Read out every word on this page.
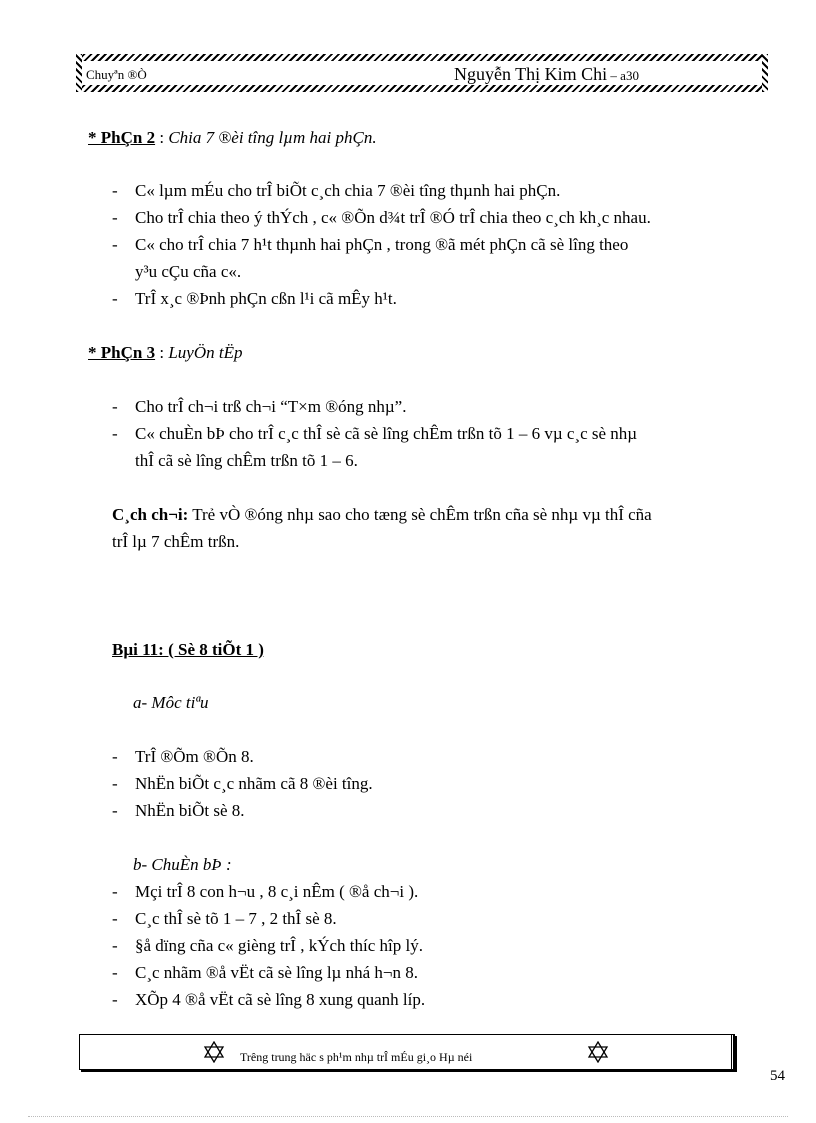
Chuyªn ®Ò	Nguyễn Thị Kim Chi – a30
* PhÇn 2 : Chia 7 ®èi tîng lµm hai phÇn.
- C« lµm mÉu cho trÎ biÕt c¸ch chia 7 ®èi tîng thµnh hai phÇn.
- Cho trÎ chia theo ý thÝch , c« ®Õn d¾t trÎ ®Ó trÎ chia theo c¸ch kh¸c nhau.
- C« cho trÎ chia 7 h¹t thµnh hai phÇn , trong ®ã mét phÇn cã sè lîng theo
y³u cÇu cña c«.
- TrÎ x¸c ®Þnh phÇn cßn l¹i cã mÊy h¹t.
* PhÇn 3 : LuyÖn tËp
- Cho trÎ ch¬i trß ch¬i “T×m ®óng nhµ”.
- C« chuÈn bÞ cho trÎ c¸c thÎ sè cã sè lîng chÊm trßn tõ 1 – 6 vµ c¸c sè nhµ
thÎ cã sè lîng chÊm trßn tõ 1 – 6.
C¸ch ch¬i: Trẻ vÒ ®óng nhµ sao cho tæng sè chÊm trßn cña sè nhµ vµ thÎ cña
trÎ lµ 7 chÊm trßn.
Bµi 11: ( Sè 8 tiÕt 1 )
a- Môc tiªu
- TrÎ ®Õm ®Õn 8.
- NhËn biÕt c¸c nhãm cã 8 ®èi tîng.
- NhËn biÕt sè 8.
b- ChuÈn bÞ :
- Mçi trÎ 8 con h¬u , 8 c¸i nÊm ( ®å ch¬i ).
- C¸c thÎ sè tõ 1 – 7 , 2 thÎ sè 8.
- §å dïng cña c« gièng trÎ , kÝch thíc hîp lý.
- C¸c nhãm ®å vËt cã sè lîng lµ nhá h¬n 8.
- XÕp 4 ®å vËt cã sè lîng 8 xung quanh líp.
Trêng trung häc s ph¹m nhµ trÎ mÉu gi¸o Hµ néi
54
